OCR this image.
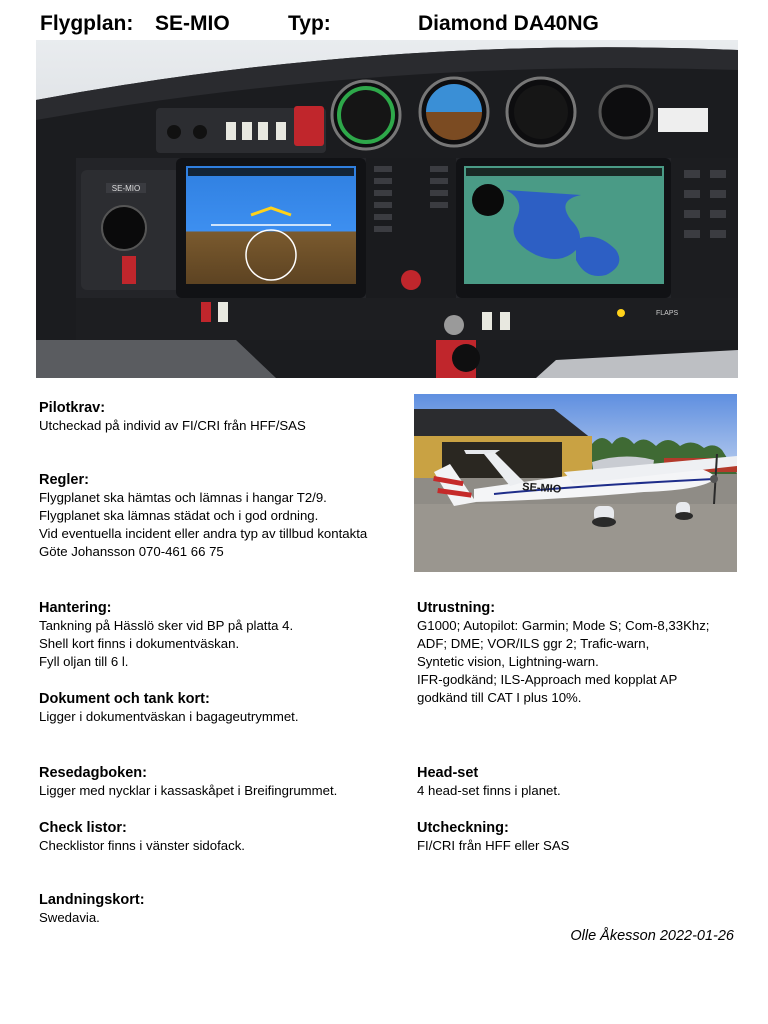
Flygplan: SE-MIO	Typ:	Diamond DA40NG
SE-MIO
FLAPS
SE-MIO

Pilotkrav:

Utcheckad på individ av FI/CRI från HFF/SAS

Regler:

Flygplanet ska hämtas och lämnas i hangar T2/9.

Flygplanet ska lämnas städat och i god ordning.

Vid eventuella incident eller andra typ av tillbud kontakta

Göte Johansson 070-461 66 75

Hantering:

Tankning på Hässlö sker vid BP på platta 4.

Shell kort finns i dokumentväskan.

Fyll oljan till 6 l.

Utrustning:

G1000; Autopilot: Garmin; Mode S; Com-8,33Khz;

ADF; DME; VOR/ILS ggr 2; Trafic-warn,

Syntetic vision, Lightning-warn.

IFR-godkänd; ILS-Approach med kopplat AP

godkänd till CAT I plus 10%.

Dokument och tank kort:

Ligger i dokumentväskan i bagageutrymmet.

Resedagboken:

Ligger med nycklar i kassaskåpet i Breifingrummet.

Head-set

4 head-set finns i planet.

Check listor:

Checklistor finns i vänster sidofack.

Utcheckning:

FI/CRI från HFF eller SAS

Landningskort:

Swedavia.

Olle Åkesson 2022-01-26
